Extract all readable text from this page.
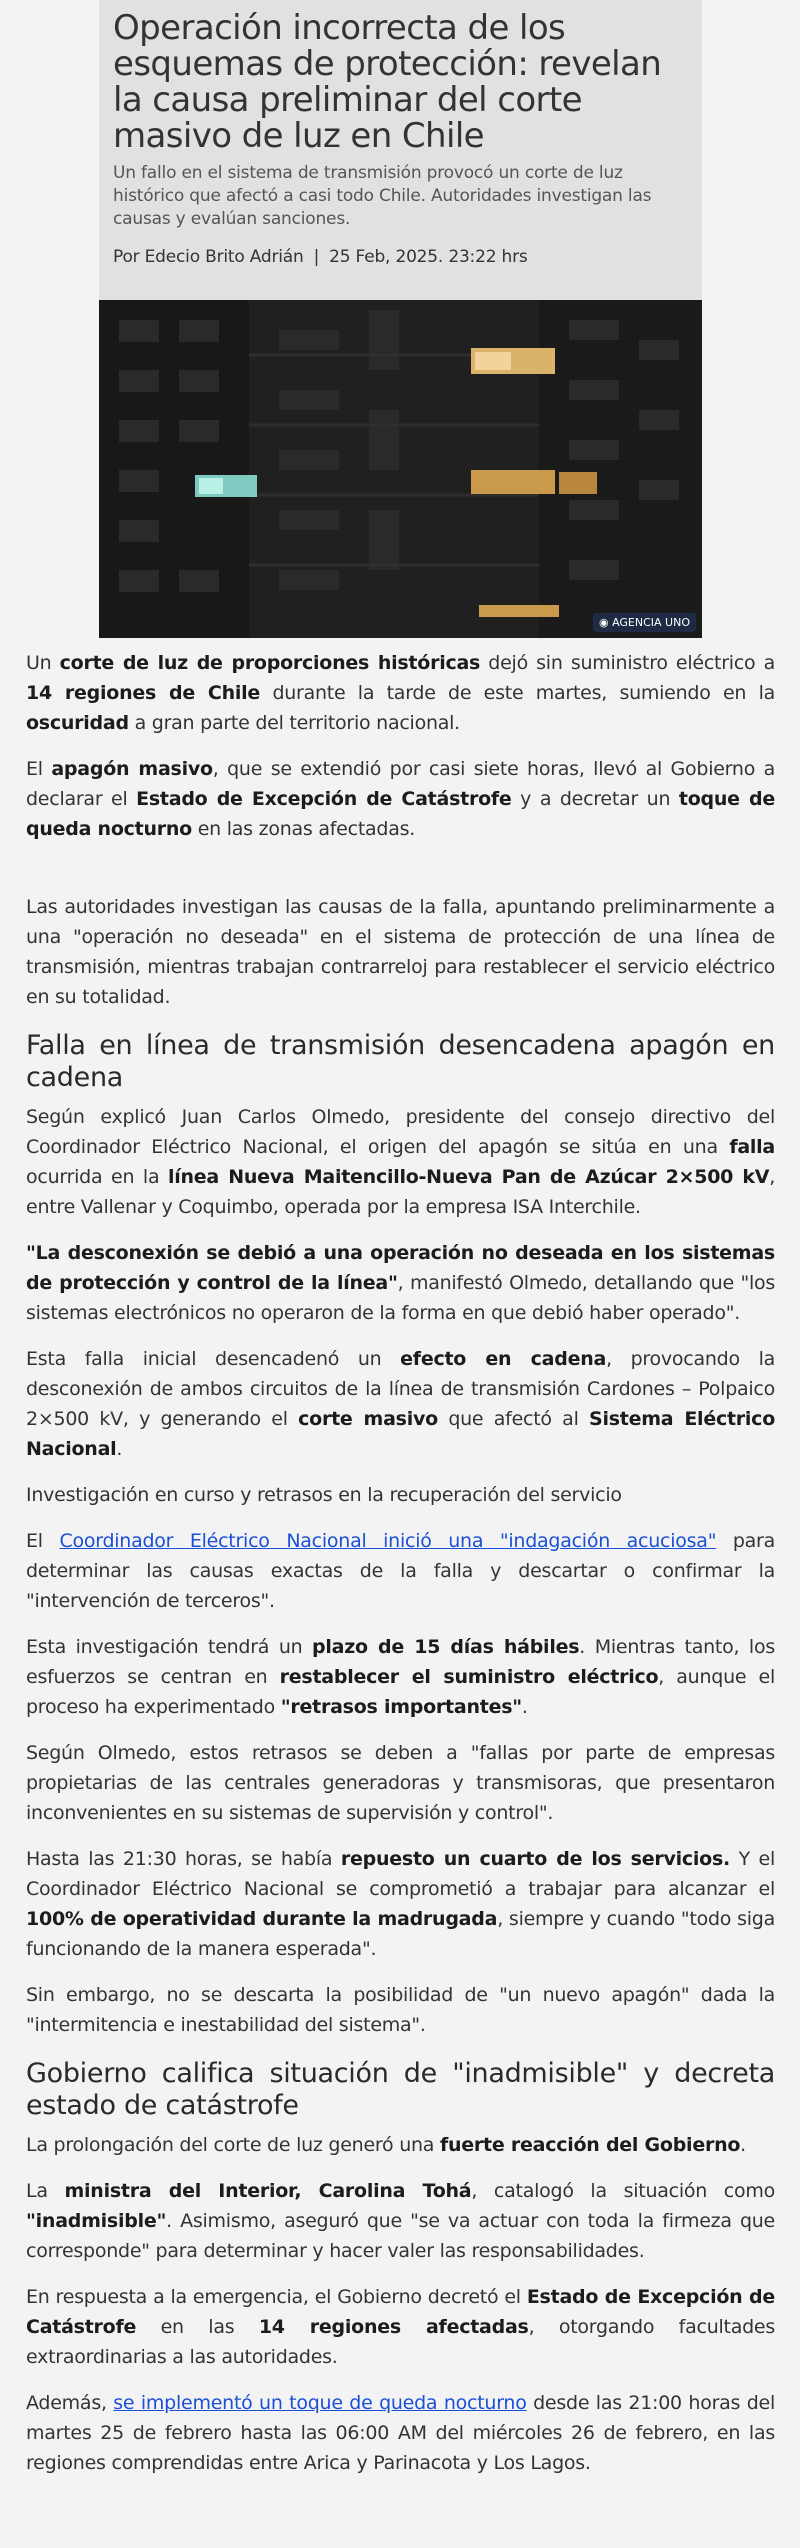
Operación incorrecta de los esquemas de protección: revelan la causa preliminar del corte masivo de luz en Chile

Un fallo en el sistema de transmisión provocó un corte de luz histórico que afectó a casi todo Chile. Autoridades investigan las causas y evalúan sanciones.

Por Edecio Brito Adrián | 25 Feb, 2025. 23:22 hrs
◉ AGENCIA UNO

Un corte de luz de proporciones históricas dejó sin suministro eléctrico a 14 regiones de Chile durante la tarde de este martes, sumiendo en la oscuridad a gran parte del territorio nacional.

El apagón masivo, que se extendió por casi siete horas, llevó al Gobierno a declarar el Estado de Excepción de Catástrofe y a decretar un toque de queda nocturno en las zonas afectadas.

Las autoridades investigan las causas de la falla, apuntando preliminarmente a una "operación no deseada" en el sistema de protección de una línea de transmisión, mientras trabajan contrarreloj para restablecer el servicio eléctrico en su totalidad.

Falla en línea de transmisión desencadena apagón en cadena

Según explicó Juan Carlos Olmedo, presidente del consejo directivo del Coordinador Eléctrico Nacional, el origen del apagón se sitúa en una falla ocurrida en la línea Nueva Maitencillo-Nueva Pan de Azúcar 2×500 kV, entre Vallenar y Coquimbo, operada por la empresa ISA Interchile.

"La desconexión se debió a una operación no deseada en los sistemas de protección y control de la línea", manifestó Olmedo, detallando que "los sistemas electrónicos no operaron de la forma en que debió haber operado".

Esta falla inicial desencadenó un efecto en cadena, provocando la desconexión de ambos circuitos de la línea de transmisión Cardones – Polpaico 2×500 kV, y generando el corte masivo que afectó al Sistema Eléctrico Nacional.

Investigación en curso y retrasos en la recuperación del servicio

El Coordinador Eléctrico Nacional inició una "indagación acuciosa" para determinar las causas exactas de la falla y descartar o confirmar la "intervención de terceros".

Esta investigación tendrá un plazo de 15 días hábiles. Mientras tanto, los esfuerzos se centran en restablecer el suministro eléctrico, aunque el proceso ha experimentado "retrasos importantes".

Según Olmedo, estos retrasos se deben a "fallas por parte de empresas propietarias de las centrales generadoras y transmisoras, que presentaron inconvenientes en su sistemas de supervisión y control".

Hasta las 21:30 horas, se había repuesto un cuarto de los servicios. Y el Coordinador Eléctrico Nacional se comprometió a trabajar para alcanzar el 100% de operatividad durante la madrugada, siempre y cuando "todo siga funcionando de la manera esperada".

Sin embargo, no se descarta la posibilidad de "un nuevo apagón" dada la "intermitencia e inestabilidad del sistema".

Gobierno califica situación de "inadmisible" y decreta estado de catástrofe

La prolongación del corte de luz generó una fuerte reacción del Gobierno.

La ministra del Interior, Carolina Tohá, catalogó la situación como "inadmisible". Asimismo, aseguró que "se va actuar con toda la firmeza que corresponde" para determinar y hacer valer las responsabilidades.

En respuesta a la emergencia, el Gobierno decretó el Estado de Excepción de Catástrofe en las 14 regiones afectadas, otorgando facultades extraordinarias a las autoridades.

Además, se implementó un toque de queda nocturno desde las 21:00 horas del martes 25 de febrero hasta las 06:00 AM del miércoles 26 de febrero, en las regiones comprendidas entre Arica y Parinacota y Los Lagos.
